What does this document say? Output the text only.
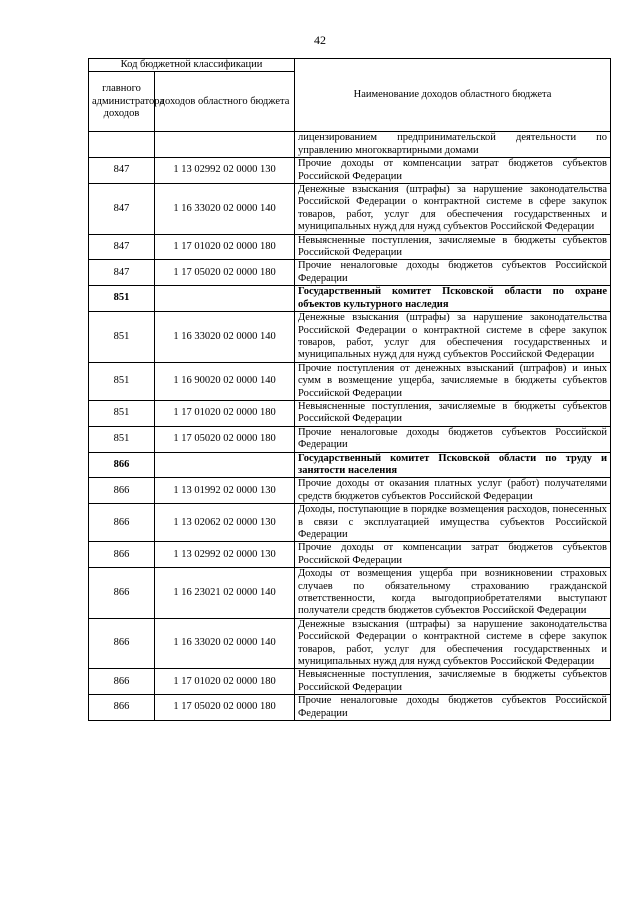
42
Код бюджетной классификации		Наименование доходов областного бюджета
главного администратора доходов	доходов областного бюджета	
		лицензированием предпринимательской деятельности по управлению многоквартирными домами
847	1 13 02992 02 0000 130	Прочие доходы от компенсации затрат бюджетов субъектов Российской Федерации
847	1 16 33020 02 0000 140	Денежные взыскания (штрафы) за нарушение законодательства Российской Федерации о контрактной системе в сфере закупок товаров, работ, услуг для обеспечения государственных и муниципальных нужд для нужд субъектов Российской Федерации
847	1 17 01020 02 0000 180	Невыясненные поступления, зачисляемые в бюджеты субъектов Российской Федерации
847	1 17 05020 02 0000 180	Прочие неналоговые доходы бюджетов субъектов Российской Федерации
851		Государственный комитет Псковской области по охране объектов культурного наследия
851	1 16 33020 02 0000 140	Денежные взыскания (штрафы) за нарушение законодательства Российской Федерации о контрактной системе в сфере закупок товаров, работ, услуг для обеспечения государственных и муниципальных нужд для нужд субъектов Российской Федерации
851	1 16 90020 02 0000 140	Прочие поступления от денежных взысканий (штрафов) и иных сумм в возмещение ущерба, зачисляемые в бюджеты субъектов Российской Федерации
851	1 17 01020 02 0000 180	Невыясненные поступления, зачисляемые в бюджеты субъектов Российской Федерации
851	1 17 05020 02 0000 180	Прочие неналоговые доходы бюджетов субъектов Российской Федерации
866		Государственный комитет Псковской области по труду и занятости населения
866	1 13 01992 02 0000 130	Прочие доходы от оказания платных услуг (работ) получателями средств бюджетов субъектов Российской Федерации
866	1 13 02062 02 0000 130	Доходы, поступающие в порядке возмещения расходов, понесенных в связи с эксплуатацией имущества субъектов Российской Федерации
866	1 13 02992 02 0000 130	Прочие доходы от компенсации затрат бюджетов субъектов Российской Федерации
866	1 16 23021 02 0000 140	Доходы от возмещения ущерба при возникновении страховых случаев по обязательному страхованию гражданской ответственности, когда выгодоприобретателями выступают получатели средств бюджетов субъектов Российской Федерации
866	1 16 33020 02 0000 140	Денежные взыскания (штрафы) за нарушение законодательства Российской Федерации о контрактной системе в сфере закупок товаров, работ, услуг для обеспечения государственных и муниципальных нужд для нужд субъектов Российской Федерации
866	1 17 01020 02 0000 180	Невыясненные поступления, зачисляемые в бюджеты субъектов Российской Федерации
866	1 17 05020 02 0000 180	Прочие неналоговые доходы бюджетов субъектов Российской Федерации
